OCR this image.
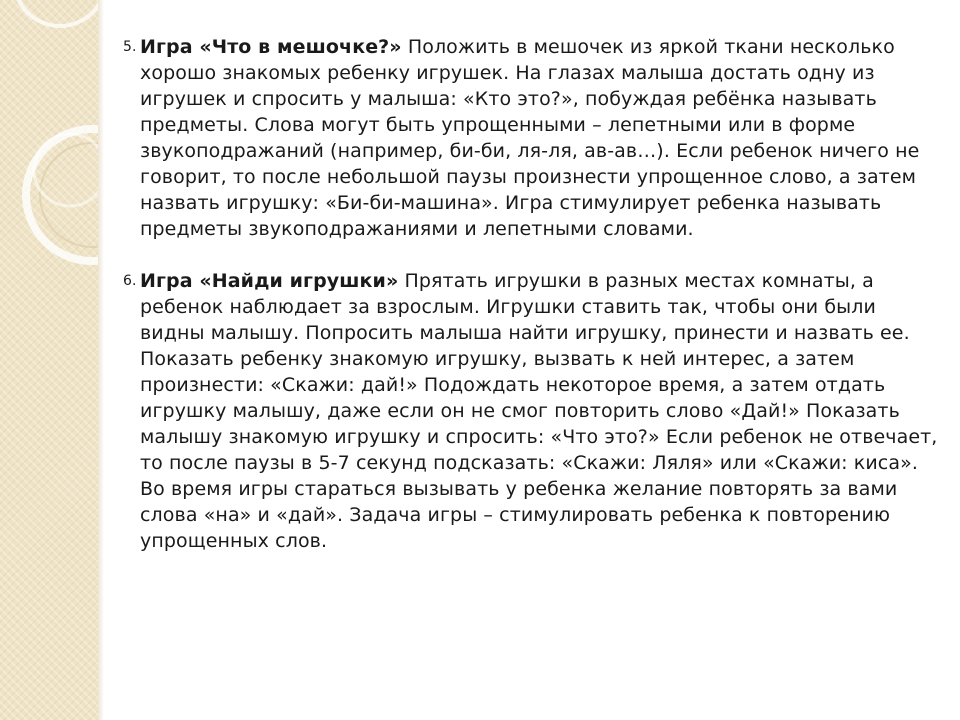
5. Игра «Что в мешочке?» Положить в мешочек из яркой ткани несколько хорошо знакомых ребенку игрушек. На глазах малыша достать одну из игрушек и спросить у малыша: «Кто это?», побуждая ребёнка называть предметы. Слова могут быть упрощенными – лепетными или в форме звукоподражаний (например, би-би, ля-ля, ав-ав…). Если ребенок ничего не говорит, то после небольшой паузы произнести упрощенное слово, а затем назвать игрушку: «Би-би-машина». Игра стимулирует ребенка называть предметы звукоподражаниями и лепетными словами.
6. Игра «Найди игрушки» Прятать игрушки в разных местах комнаты, а ребенок наблюдает за взрослым. Игрушки ставить так, чтобы они были видны малышу. Попросить малыша найти игрушку, принести и назвать ее. Показать ребенку знакомую игрушку, вызвать к ней интерес, а затем произнести: «Скажи: дай!» Подождать некоторое время, а затем отдать игрушку малышу, даже если он не смог повторить слово «Дай!» Показать малышу знакомую игрушку и спросить: «Что это?» Если ребенок не отвечает, то после паузы в 5-7 секунд подсказать: «Скажи: Ляля» или «Скажи: киса». Во время игры стараться вызывать у ребенка желание повторять за вами слова «на» и «дай». Задача игры – стимулировать ребенка к повторению упрощенных слов.
